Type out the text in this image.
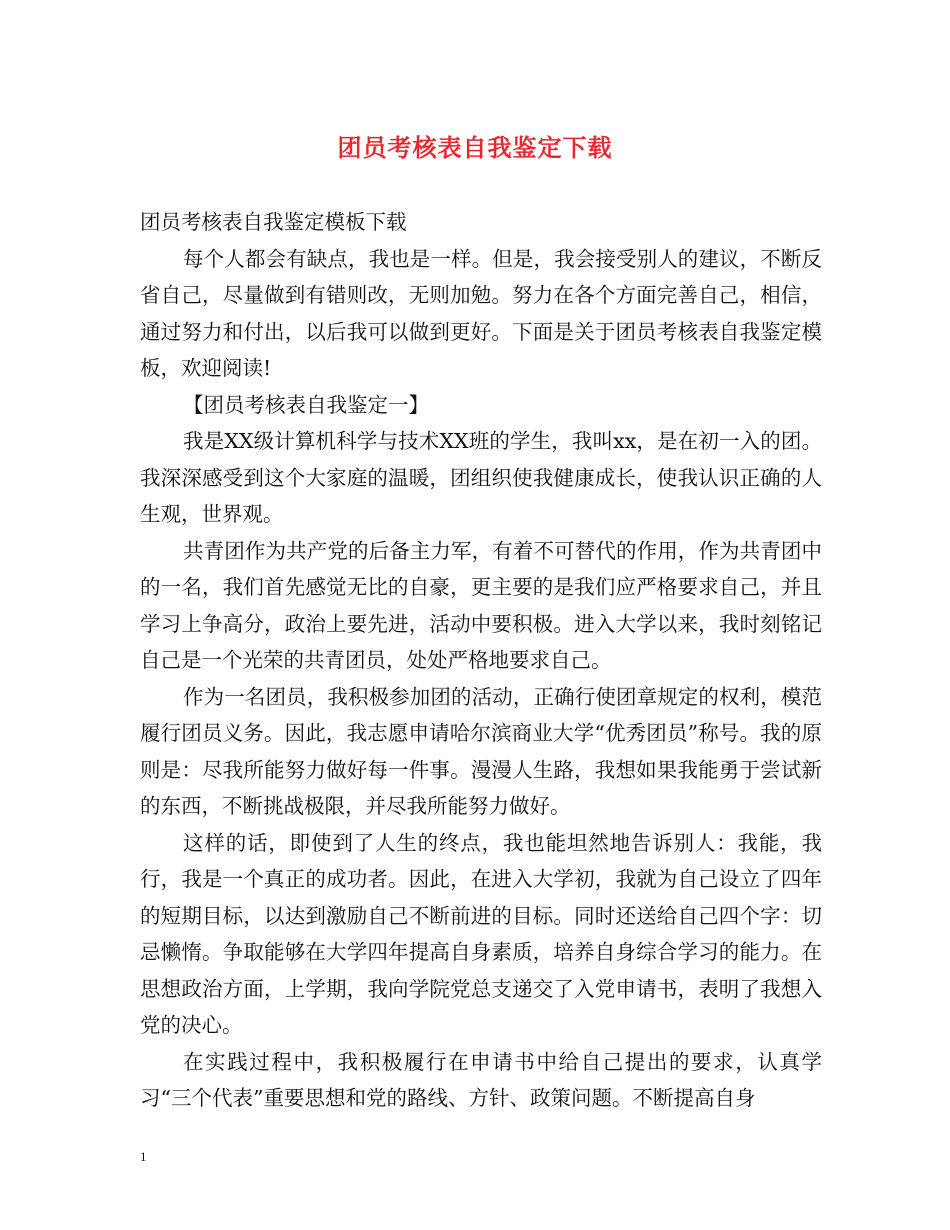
团员考核表自我鉴定下载

团员考核表自我鉴定模板下载

每个人都会有缺点，我也是一样。但是，我会接受别人的建议，不断反省自己，尽量做到有错则改，无则加勉。努力在各个方面完善自己，相信，通过努力和付出，以后我可以做到更好。下面是关于团员考核表自我鉴定模板，欢迎阅读!

【团员考核表自我鉴定一】

我是XX级计算机科学与技术XX班的学生，我叫xx，是在初一入的团。我深深感受到这个大家庭的温暖，团组织使我健康成长，使我认识正确的人生观，世界观。

共青团作为共产党的后备主力军，有着不可替代的作用，作为共青团中的一名，我们首先感觉无比的自豪，更主要的是我们应严格要求自己，并且学习上争高分，政治上要先进，活动中要积极。进入大学以来，我时刻铭记自己是一个光荣的共青团员，处处严格地要求自己。

作为一名团员，我积极参加团的活动，正确行使团章规定的权利，模范履行团员义务。因此，我志愿申请哈尔滨商业大学“优秀团员”称号。我的原则是：尽我所能努力做好每一件事。漫漫人生路，我想如果我能勇于尝试新的东西，不断挑战极限，并尽我所能努力做好。

这样的话，即使到了人生的终点，我也能坦然地告诉别人：我能，我行，我是一个真正的成功者。因此，在进入大学初，我就为自己设立了四年的短期目标，以达到激励自己不断前进的目标。同时还送给自己四个字：切忌懒惰。争取能够在大学四年提高自身素质，培养自身综合学习的能力。在思想政治方面，上学期，我向学院党总支递交了入党申请书，表明了我想入党的决心。

在实践过程中，我积极履行在申请书中给自己提出的要求，认真学习“三个代表”重要思想和党的路线、方针、政策问题。不断提高自身

1
